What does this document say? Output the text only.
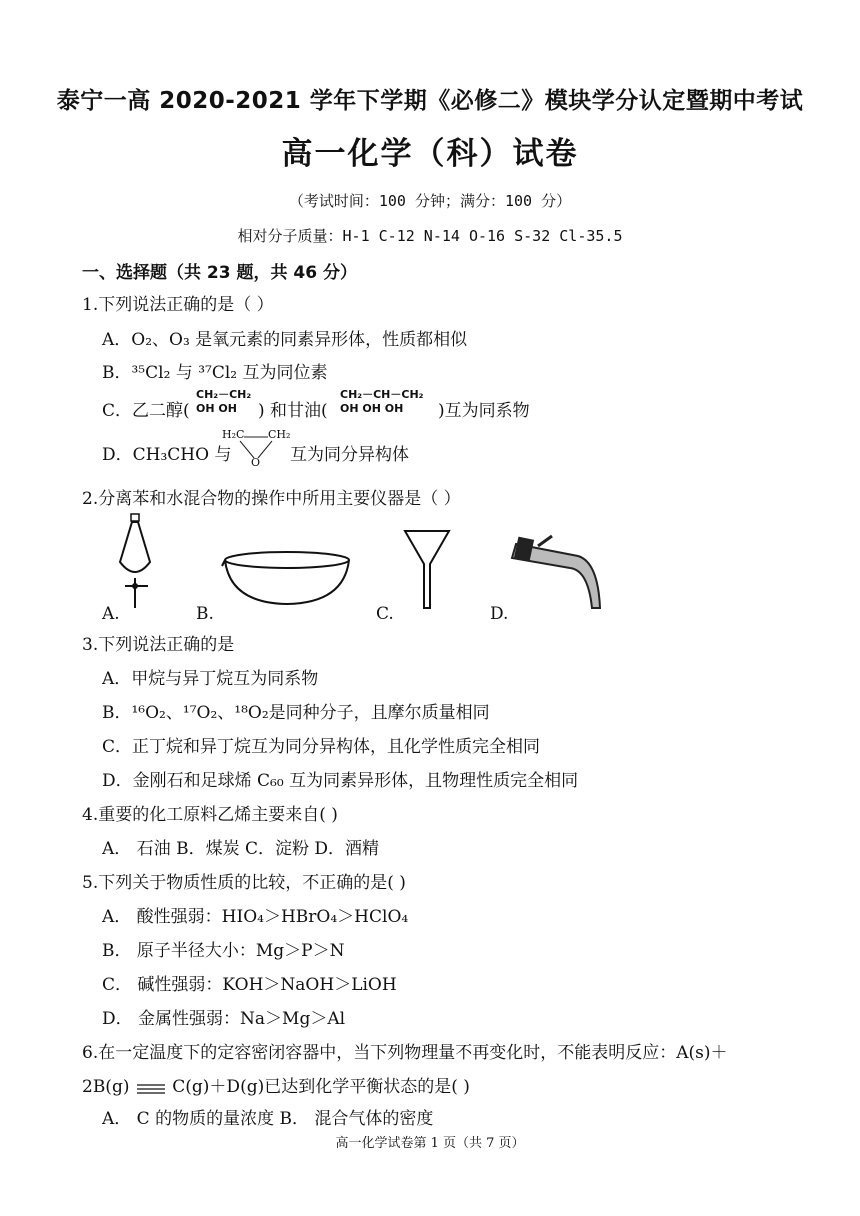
泰宁一高 2020-2021 学年下学期《必修二》模块学分认定暨期中考试
高一化学（科）试卷
（考试时间：100 分钟；满分：100 分）
相对分子质量：H-1 C-12 N-14 O-16 S-32 Cl-35.5
一、选择题（共 23 题，共 46 分）
1.下列说法正确的是（ ）
A．O₂、O₃ 是氧元素的同素异形体，性质都相似
B．³⁵Cl₂ 与 ³⁷Cl₂ 互为同位素
C．乙二醇(
CH₂－CH₂
OH OH	) 和甘油(
CH₂－CH－CH₂
OH OH OH	)互为同系物
D．CH₃CHO 与
H₂C CH₂
O 互为同分异构体
2.分离苯和水混合物的操作中所用主要仪器是（ ）
A.	B.	C.	D.
3.下列说法正确的是
A．甲烷与异丁烷互为同系物
B．¹⁶O₂、¹⁷O₂、¹⁸O₂是同种分子，且摩尔质量相同
C．正丁烷和异丁烷互为同分异构体，且化学性质完全相同
D．金刚石和足球烯 C₆₀ 互为同素异形体，且物理性质完全相同
4.重要的化工原料乙烯主要来自( )
A． 石油 B．煤炭 C．淀粉 D．酒精
5.下列关于物质性质的比较，不正确的是( )
A． 酸性强弱：HIO₄＞HBrO₄＞HClO₄
B． 原子半径大小：Mg＞P＞N
C． 碱性强弱：KOH＞NaOH＞LiOH
D． 金属性强弱：Na＞Mg＞Al
6.在一定温度下的定容密闭容器中，当下列物理量不再变化时，不能表明反应：A(s)＋
2B(g)	C(g)＋D(g)已达到化学平衡状态的是( )
A． C 的物质的量浓度 B． 混合气体的密度
高一化学试卷第 1 页（共 7 页）
